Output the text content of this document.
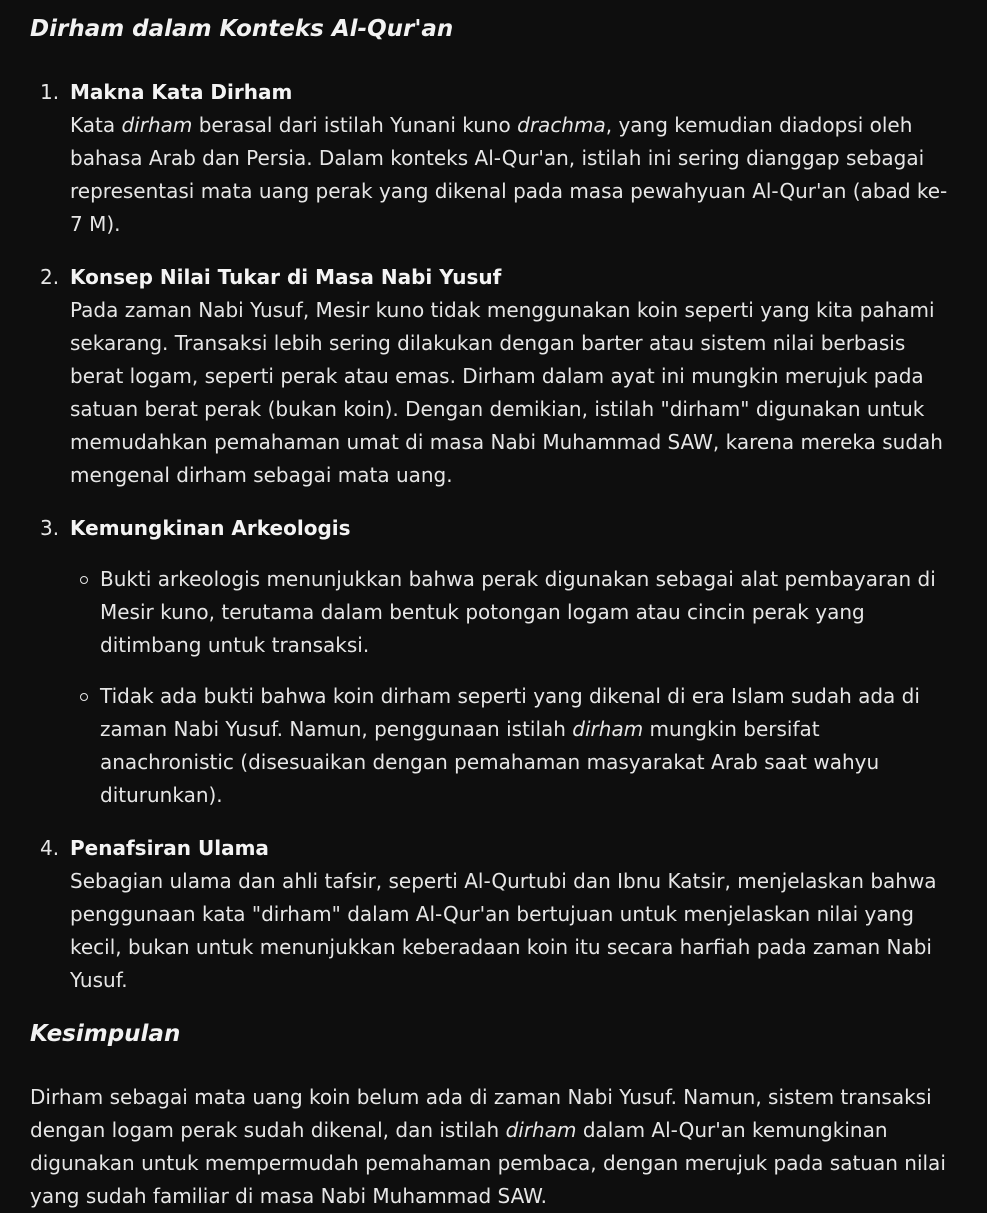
Dirham dalam Konteks Al-Qur'an
1. Makna Kata Dirham
Kata dirham berasal dari istilah Yunani kuno drachma, yang kemudian diadopsi oleh bahasa Arab dan Persia. Dalam konteks Al-Qur'an, istilah ini sering dianggap sebagai representasi mata uang perak yang dikenal pada masa pewahyuan Al-Qur'an (abad ke-7 M).
2. Konsep Nilai Tukar di Masa Nabi Yusuf
Pada zaman Nabi Yusuf, Mesir kuno tidak menggunakan koin seperti yang kita pahami sekarang. Transaksi lebih sering dilakukan dengan barter atau sistem nilai berbasis berat logam, seperti perak atau emas. Dirham dalam ayat ini mungkin merujuk pada satuan berat perak (bukan koin). Dengan demikian, istilah "dirham" digunakan untuk memudahkan pemahaman umat di masa Nabi Muhammad SAW, karena mereka sudah mengenal dirham sebagai mata uang.
3. Kemungkinan Arkeologis
Bukti arkeologis menunjukkan bahwa perak digunakan sebagai alat pembayaran di Mesir kuno, terutama dalam bentuk potongan logam atau cincin perak yang ditimbang untuk transaksi.
Tidak ada bukti bahwa koin dirham seperti yang dikenal di era Islam sudah ada di zaman Nabi Yusuf. Namun, penggunaan istilah dirham mungkin bersifat anachronistic (disesuaikan dengan pemahaman masyarakat Arab saat wahyu diturunkan).
4. Penafsiran Ulama
Sebagian ulama dan ahli tafsir, seperti Al-Qurtubi dan Ibnu Katsir, menjelaskan bahwa penggunaan kata "dirham" dalam Al-Qur'an bertujuan untuk menjelaskan nilai yang kecil, bukan untuk menunjukkan keberadaan koin itu secara harfiah pada zaman Nabi Yusuf.
Kesimpulan

Dirham sebagai mata uang koin belum ada di zaman Nabi Yusuf. Namun, sistem transaksi dengan logam perak sudah dikenal, dan istilah dirham dalam Al-Qur'an kemungkinan digunakan untuk mempermudah pemahaman pembaca, dengan merujuk pada satuan nilai yang sudah familiar di masa Nabi Muhammad SAW.
